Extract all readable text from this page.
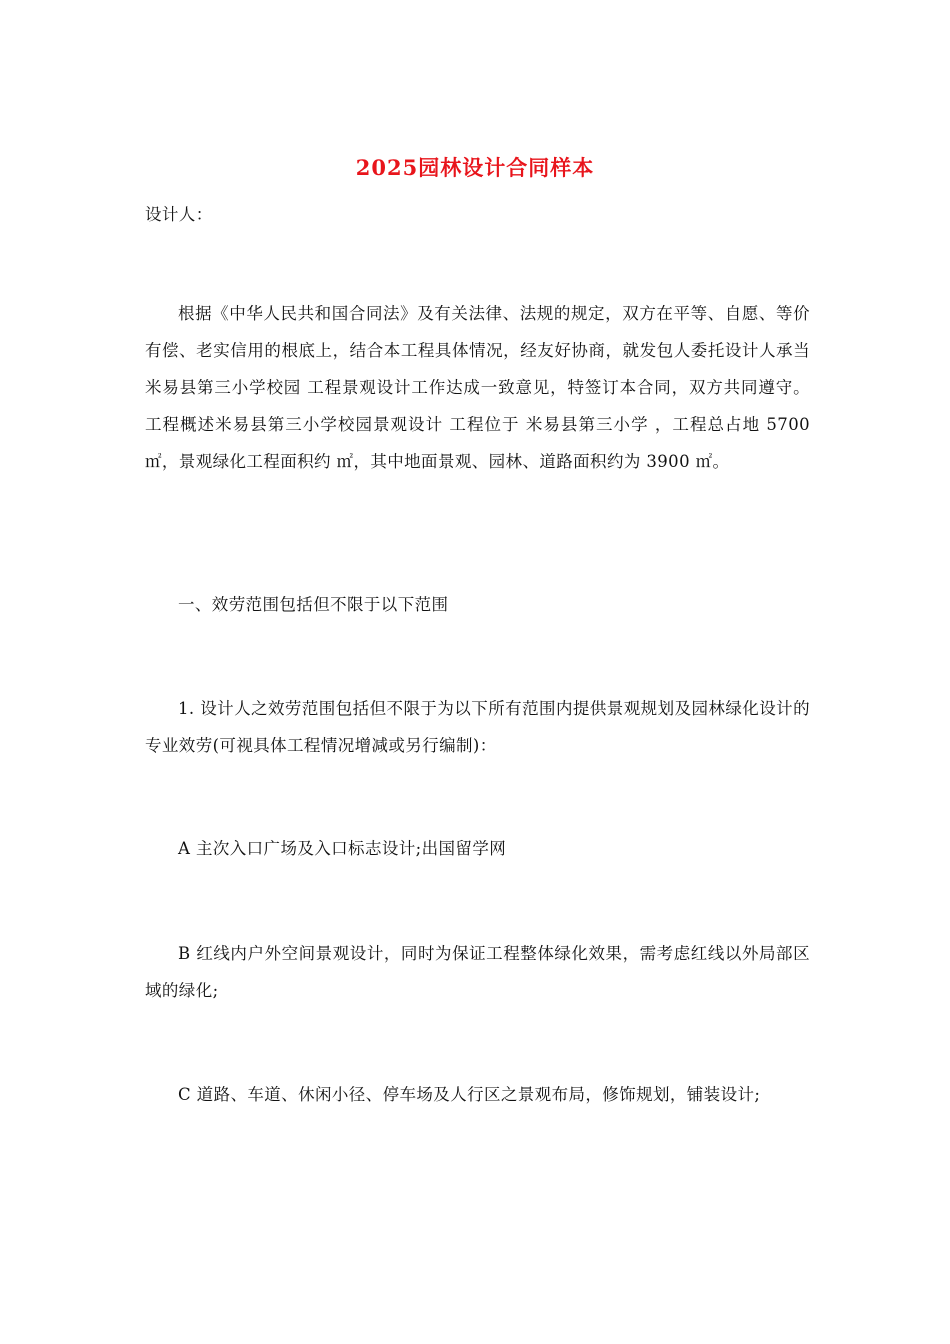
2025园林设计合同样本
设计人：
根据《中华人民共和国合同法》及有关法律、法规的规定，双方在平等、自愿、等价有偿、老实信用的根底上，结合本工程具体情况，经友好协商，就发包人委托设计人承当 米易县第三小学校园 工程景观设计工作达成一致意见，特签订本合同，双方共同遵守。 工程概述米易县第三小学校园景观设计 工程位于 米易县第三小学 ，工程总占地 5700 ㎡，景观绿化工程面积约 ㎡，其中地面景观、园林、道路面积约为 3900 ㎡。
一、效劳范围包括但不限于以下范围
1. 设计人之效劳范围包括但不限于为以下所有范围内提供景观规划及园林绿化设计的专业效劳(可视具体工程情况增减或另行编制)：
A 主次入口广场及入口标志设计;出国留学网
B 红线内户外空间景观设计，同时为保证工程整体绿化效果，需考虑红线以外局部区域的绿化;
C 道路、车道、休闲小径、停车场及人行区之景观布局，修饰规划，铺装设计;
